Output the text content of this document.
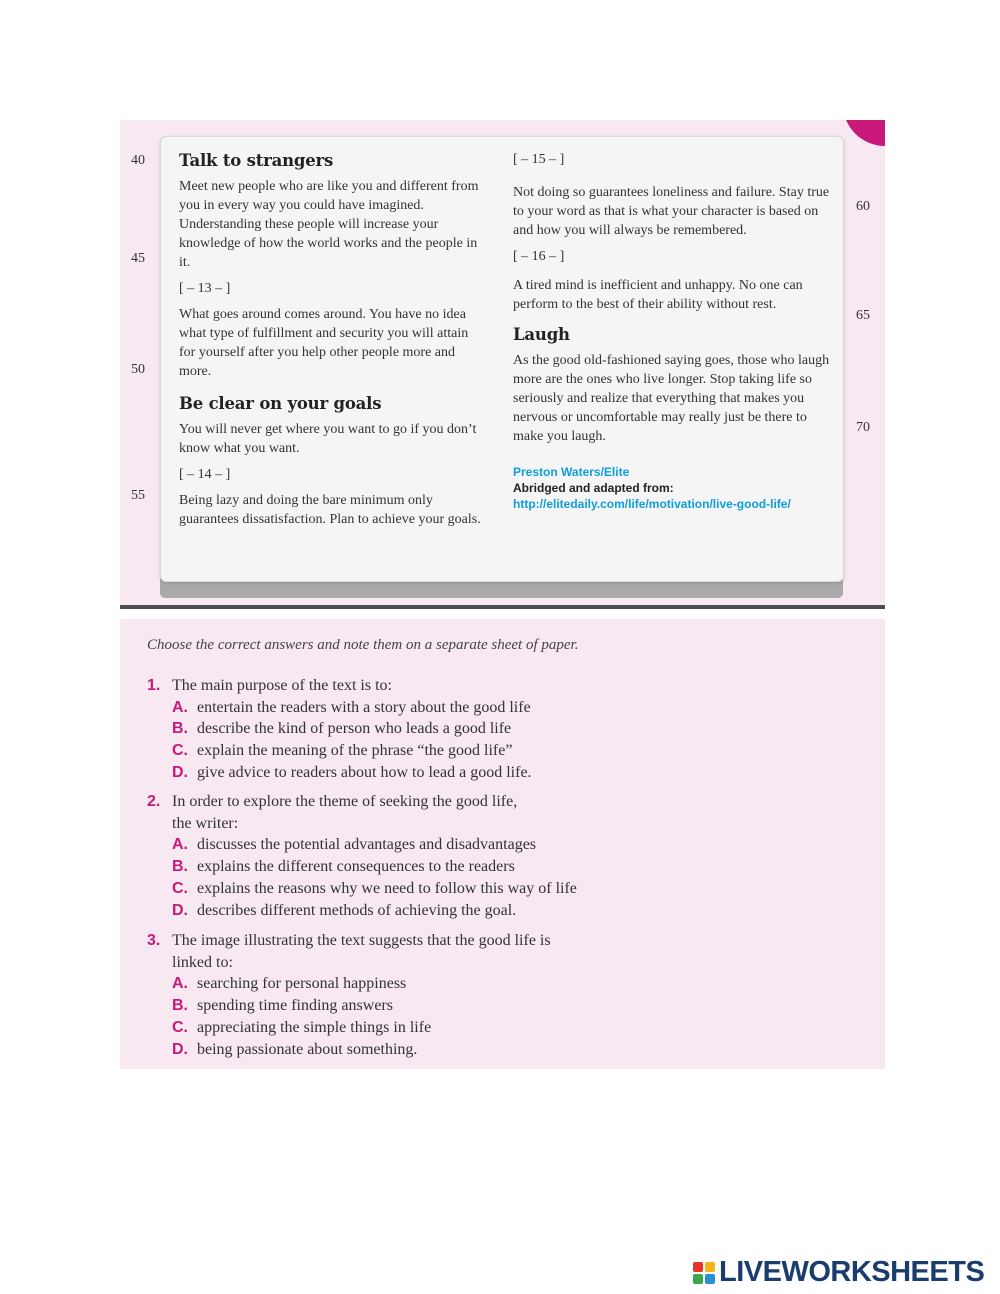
40
45
50
55
60
65
70
Talk to strangers

Meet new people who are like you and different from you in every way you could have imagined. Understanding these people will increase your knowledge of how the world works and the people in it.

[ – 13 – ]

What goes around comes around. You have no idea what type of fulfillment and security you will attain for yourself after you help other people more and more.

Be clear on your goals

You will never get where you want to go if you don’t know what you want.

[ – 14 – ]

Being lazy and doing the bare minimum only guarantees dissatisfaction. Plan to achieve your goals.

[ – 15 – ]

Not doing so guarantees loneliness and failure. Stay true to your word as that is what your character is based on and how you will always be remembered.

[ – 16 – ]

A tired mind is inefficient and unhappy. No one can perform to the best of their ability without rest.

Laugh

As the good old-fashioned saying goes, those who laugh more are the ones who live longer. Stop taking life so seriously and realize that everything that makes you nervous or uncomfortable may really just be there to make you laugh.

Preston Waters/Elite
Abridged and adapted from: http://elitedaily.com/life/motivation/live-good-life/
Choose the correct answers and note them on a separate sheet of paper.
1. The main purpose of the text is to:
A. entertain the readers with a story about the good life
B. describe the kind of person who leads a good life
C. explain the meaning of the phrase “the good life”
D. give advice to readers about how to lead a good life.
2. In order to explore the theme of seeking the good life,
the writer:
A. discusses the potential advantages and disadvantages
B. explains the different consequences to the readers
C. explains the reasons why we need to follow this way of life
D. describes different methods of achieving the goal.
3. The image illustrating the text suggests that the good life is
linked to:
A. searching for personal happiness
B. spending time finding answers
C. appreciating the simple things in life
D. being passionate about something.
LIVEWORKSHEETS
